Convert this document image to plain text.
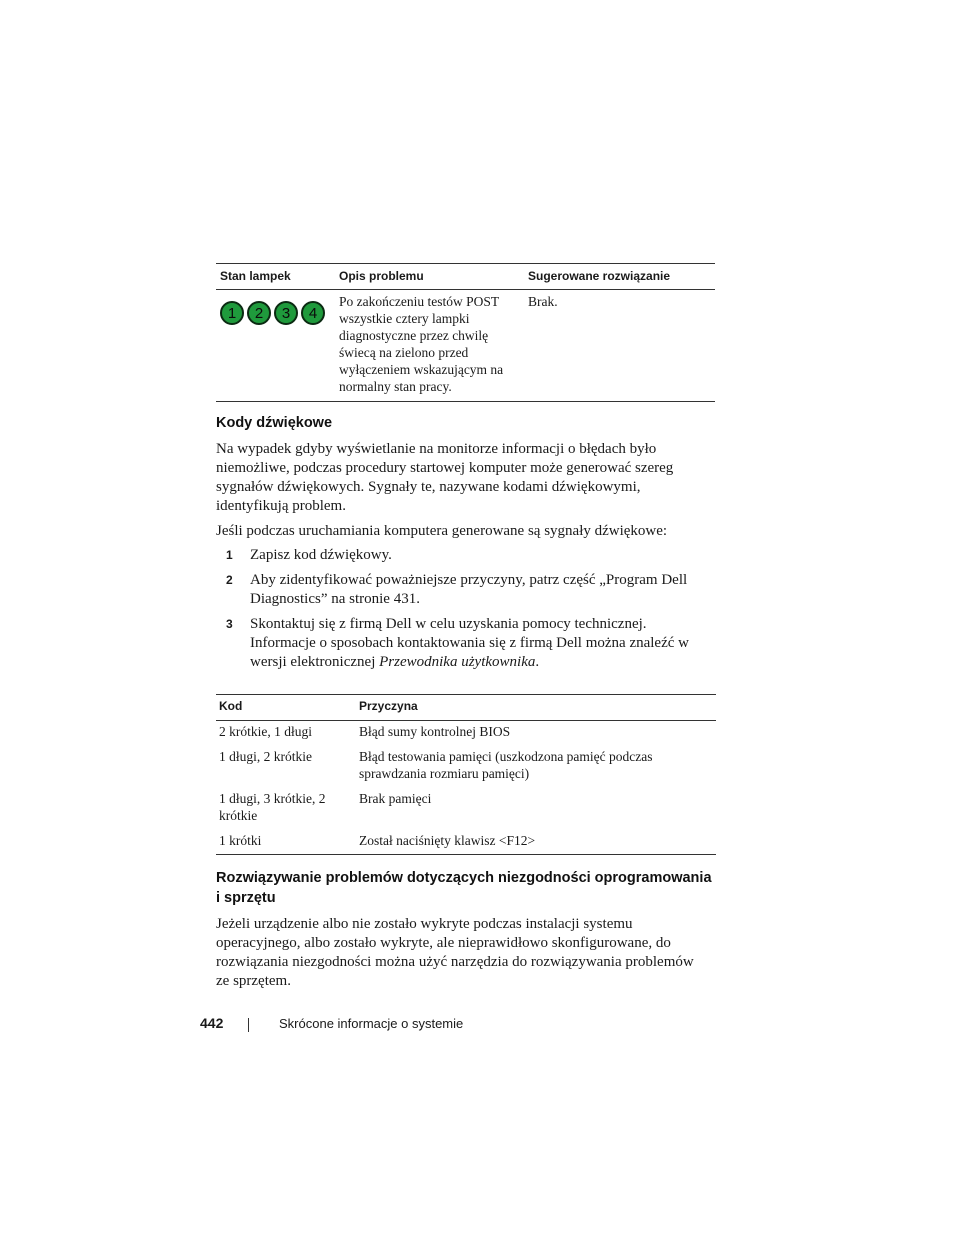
Stan lampek	Opis problemu	Sugerowane rozwiązanie

1 2 3 4	Po zakończeniu testów POST wszystkie cztery lampki diagnostyczne przez chwilę świecą na zielono przed wyłączeniem wskazującym na normalny stan pracy.	Brak.
Kody dźwiękowe

Na wypadek gdyby wyświetlanie na monitorze informacji o błędach było niemożliwe, podczas procedury startowej komputer może generować szereg sygnałów dźwiękowych. Sygnały te, nazywane kodami dźwiękowymi, identyfikują problem.

Jeśli podczas uruchamiania komputera generowane są sygnały dźwiękowe:

1 Zapisz kod dźwiękowy.
2 Aby zidentyfikować poważniejsze przyczyny, patrz część „Program Dell Diagnostics” na stronie 431.
3 Skontaktuj się z firmą Dell w celu uzyskania pomocy technicznej. Informacje o sposobach kontaktowania się z firmą Dell można znaleźć w wersji elektronicznej Przewodnika użytkownika.
Kod	Przyczyna
2 krótkie, 1 długi	Błąd sumy kontrolnej BIOS
1 długi, 2 krótkie	Błąd testowania pamięci (uszkodzona pamięć podczas sprawdzania rozmiaru pamięci)
1 długi, 3 krótkie, 2 krótkie	Brak pamięci
1 krótki	Został naciśnięty klawisz <F12>
Rozwiązywanie problemów dotyczących niezgodności oprogramowania i sprzętu

Jeżeli urządzenie albo nie zostało wykryte podczas instalacji systemu operacyjnego, albo zostało wykryte, ale nieprawidłowo skonfigurowane, do rozwiązania niezgodności można użyć narzędzia do rozwiązywania problemów ze sprzętem.

442	Skrócone informacje o systemie
